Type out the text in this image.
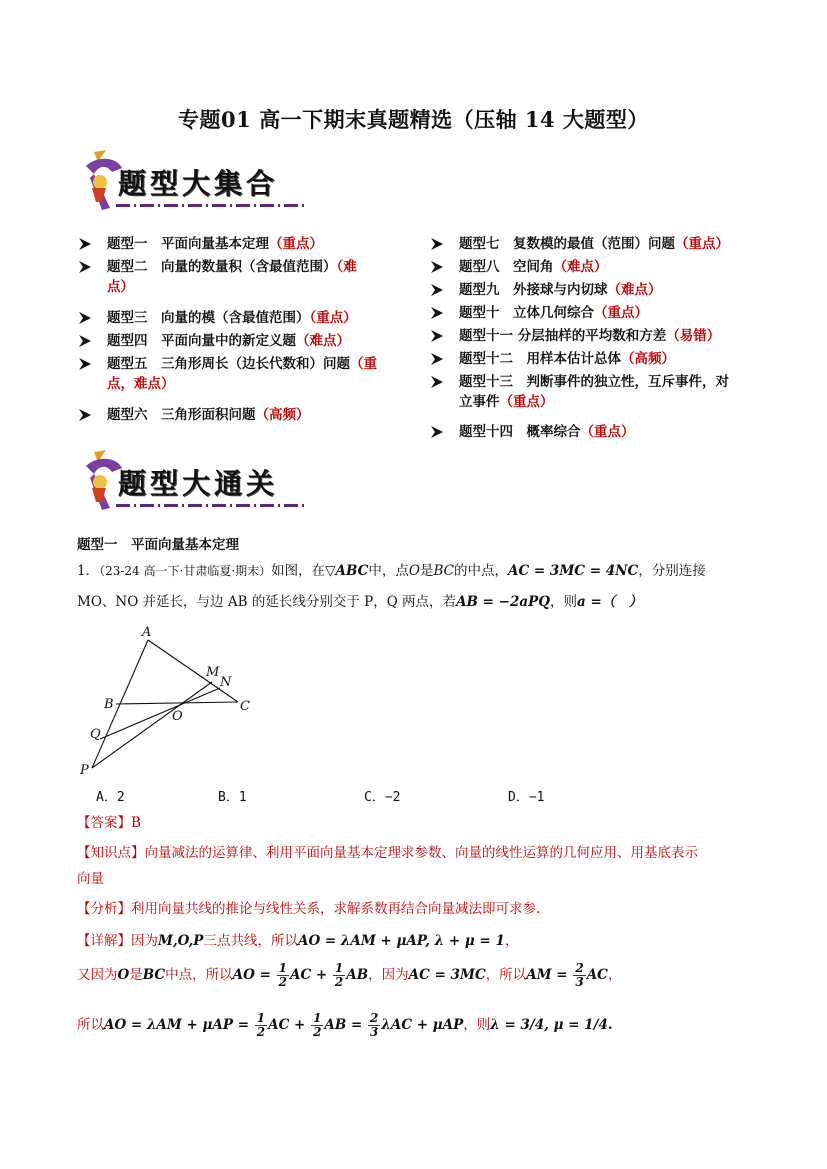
专题01 高一下期末真题精选（压轴 14 大题型）
题型大集合
题型一　平面向量基本定理（重点）
题型二　向量的数量积（含最值范围）（难
点）
题型三　向量的模（含最值范围）（重点）
题型四　平面向量中的新定义题（难点）
题型五　三角形周长（边长代数和）问题（重
点，难点）
题型六　三角形面积问题（高频）
题型七　复数模的最值（范围）问题（重点）
题型八　空间角（难点）
题型九　外接球与内切球（难点）
题型十　立体几何综合（重点）
题型十一 分层抽样的平均数和方差（易错）
题型十二　用样本估计总体（高频）
题型十三　判断事件的独立性，互斥事件，对
立事件（重点）
题型十四　概率综合（重点）
题型大通关
题型一　平面向量基本定理
1．（23-24 高一下·甘肃临夏·期末）如图，在▽ABC中，点O是BC的中点，AC = 3MC = 4NC，分别连接
MO、NO 并延长，与边 AB 的延长线分别交于 P，Q 两点，若AB = −2aPQ，则a =（　）
A
B	C
M
N
O
Q
P
A．2	B．1	C．−2	D．−1
【答案】B
【知识点】向量减法的运算律、利用平面向量基本定理求参数、向量的线性运算的几何应用、用基底表示
向量
【分析】利用向量共线的推论与线性关系，求解系数再结合向量减法即可求参.
【详解】因为M,O,P三点共线，所以AO = λAM + μAP, λ + μ = 1，
又因为O是BC中点，所以AO = $\frac{1}{2}$ AC + $\frac{1}{2}$ AB，因为AC = 3MC，所以AM = $\frac{2}{3}$ AC，
所以AO = $\lambda AM + \mu AP = \frac{1}{2}$ AC + $\frac{1}{2}$ AB = $\frac{2}{3}$ λAC + μAP，则λ = 3/4, μ = 1/4.
